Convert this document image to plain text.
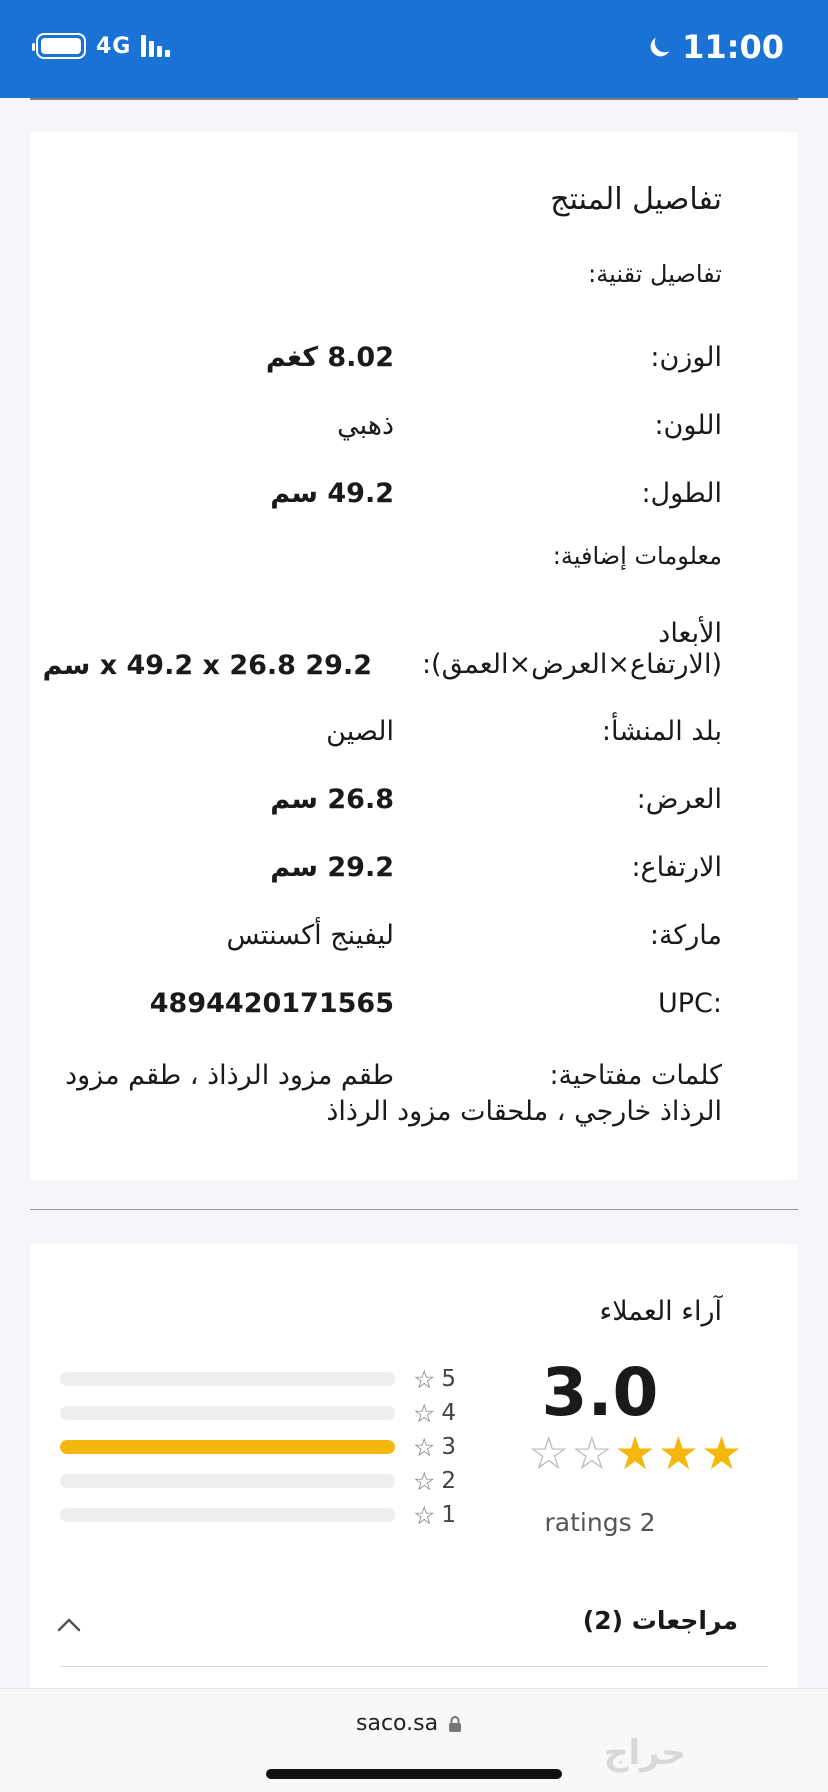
4G	11:00
تفاصيل المنتج
تفاصيل تقنية:
الوزن:
8.02 كغم
اللون:
ذهبي
الطول:
49.2 سم
معلومات إضافية:
الأبعاد
(الارتفاع×العرض×العمق):
29.2 x 49.2 x 26.8 سم
بلد المنشأ:
الصين
العرض:
26.8 سم
الارتفاع:
29.2 سم
ماركة:
ليفينج أكسنتس
UPC:
4894420171565
كلمات مفتاحية:
طقم مزود الرذاذ ، طقم مزود
الرذاذ خارجي ، ملحقات مزود الرذاذ
آراء العملاء
3.0
☆ ☆ ★ ★ ★
ratings 2
☆ 5
☆ 4
☆ 3
☆ 2
☆ 1
مراجعات (2)
saco.sa
حراج
